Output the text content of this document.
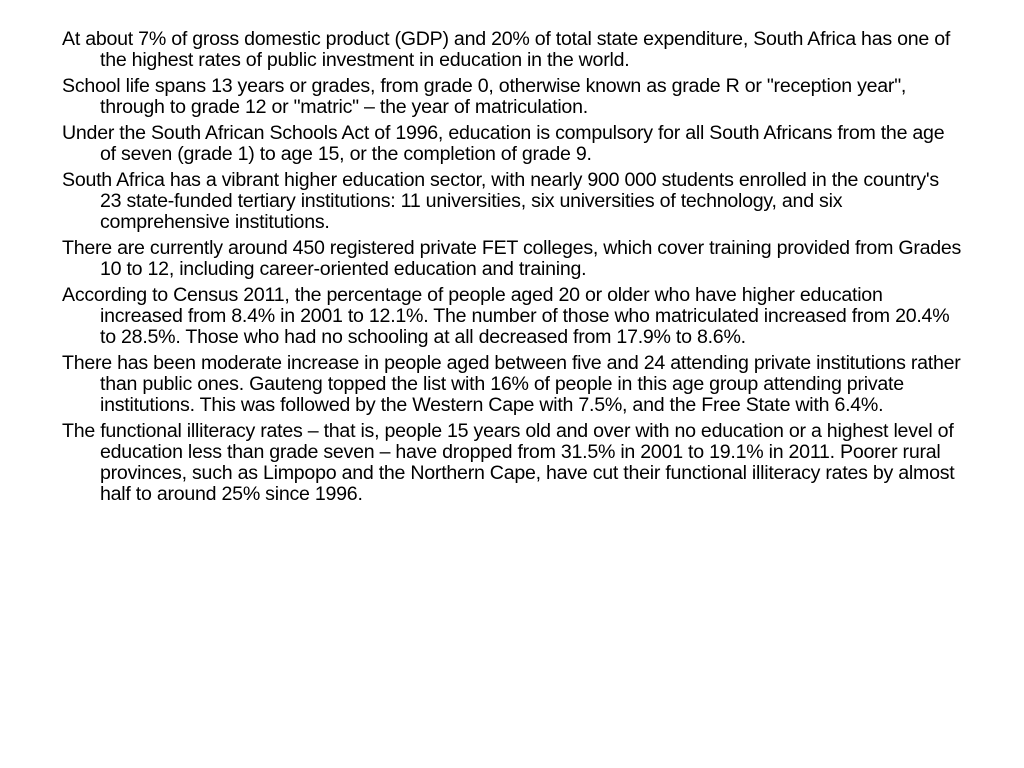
At about 7% of gross domestic product (GDP) and 20% of total state expenditure, South Africa has one of the highest rates of public investment in education in the world.

School life spans 13 years or grades, from grade 0, otherwise known as grade R or "reception year", through to grade 12 or "matric" – the year of matriculation.

Under the South African Schools Act of 1996, education is compulsory for all South Africans from the age of seven (grade 1) to age 15, or the completion of grade 9.

South Africa has a vibrant higher education sector, with nearly 900 000 students enrolled in the country's 23 state-funded tertiary institutions: 11 universities, six universities of technology, and six comprehensive institutions.

There are currently around 450 registered private FET colleges, which cover training provided from Grades 10 to 12, including career-oriented education and training.

According to Census 2011, the percentage of people aged 20 or older who have higher education increased from 8.4% in 2001 to 12.1%. The number of those who matriculated increased from 20.4% to 28.5%. Those who had no schooling at all decreased from 17.9% to 8.6%.

There has been moderate increase in people aged between five and 24 attending private institutions rather than public ones. Gauteng topped the list with 16% of people in this age group attending private institutions. This was followed by the Western Cape with 7.5%, and the Free State with 6.4%.

The functional illiteracy rates – that is, people 15 years old and over with no education or a highest level of education less than grade seven – have dropped from 31.5% in 2001 to 19.1% in 2011. Poorer rural provinces, such as Limpopo and the Northern Cape, have cut their functional illiteracy rates by almost half to around 25% since 1996.
